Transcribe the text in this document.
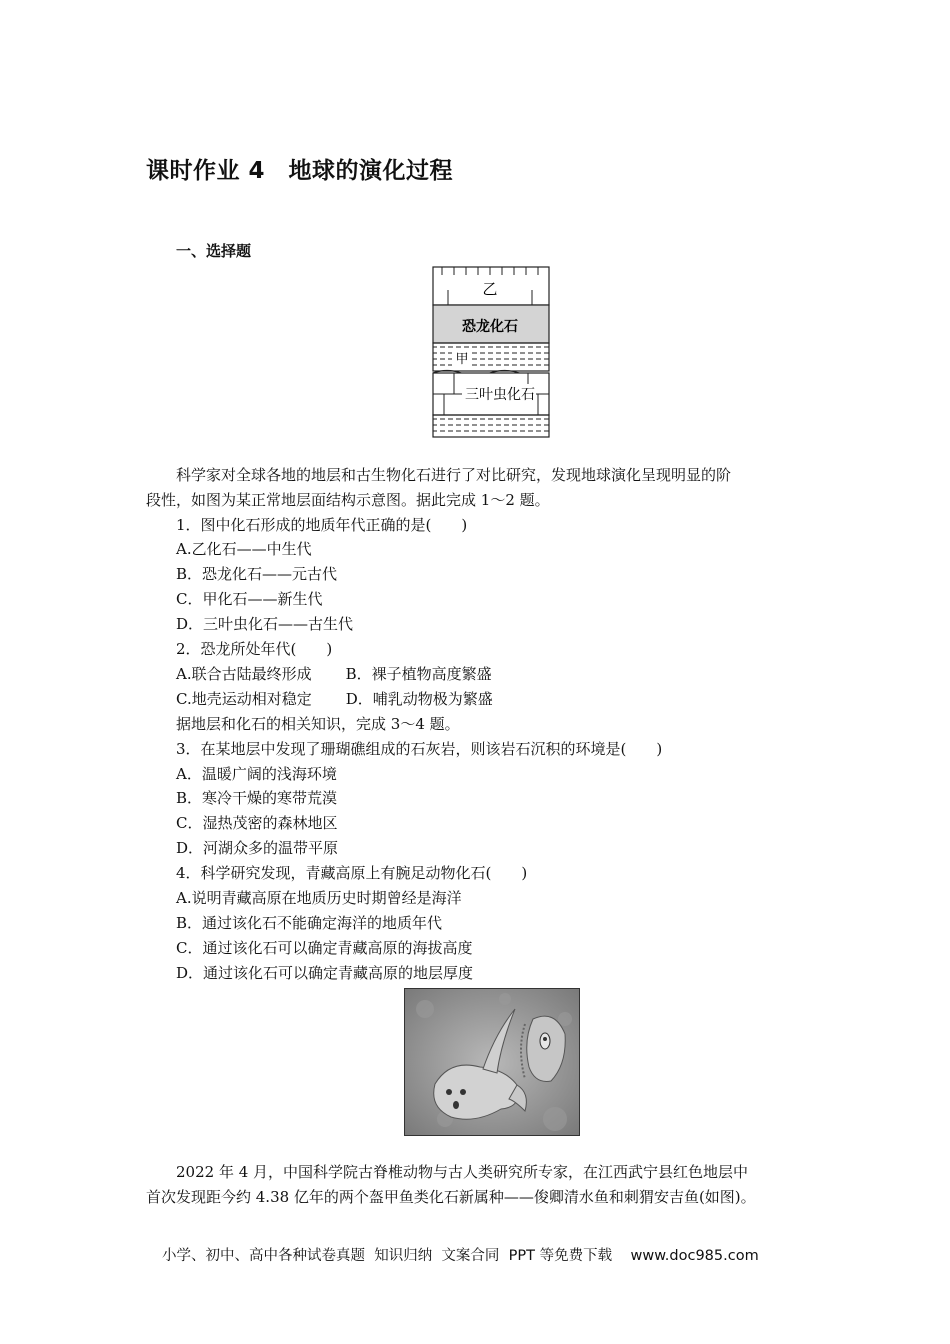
课时作业 4　地球的演化过程
一、选择题
乙
恐龙化石
甲
三叶虫化石
科学家对全球各地的地层和古生物化石进行了对比研究，发现地球演化呈现明显的阶
段性，如图为某正常地层面结构示意图。据此完成 1～2 题。
1．图中化石形成的地质年代正确的是(　　)
A.乙化石——中生代
B．恐龙化石——元古代
C．甲化石——新生代
D．三叶虫化石——古生代
2．恐龙所处年代(　　)
A.联合古陆最终形成 B．裸子植物高度繁盛
C.地壳运动相对稳定 D．哺乳动物极为繁盛
据地层和化石的相关知识，完成 3～4 题。
3．在某地层中发现了珊瑚礁组成的石灰岩，则该岩石沉积的环境是(　　)
A．温暖广阔的浅海环境
B．寒冷干燥的寒带荒漠
C．湿热茂密的森林地区
D．河湖众多的温带平原
4．科学研究发现，青藏高原上有腕足动物化石(　　)
A.说明青藏高原在地质历史时期曾经是海洋
B．通过该化石不能确定海洋的地质年代
C．通过该化石可以确定青藏高原的海拔高度
D．通过该化石可以确定青藏高原的地层厚度
2022 年 4 月，中国科学院古脊椎动物与古人类研究所专家，在江西武宁县红色地层中
首次发现距今约 4.38 亿年的两个盔甲鱼类化石新属种——俊卿清水鱼和刺猬安吉鱼(如图)。
小学、初中、高中各种试卷真题  知识归纳  文案合同  PPT 等免费下载    www.doc985.com
